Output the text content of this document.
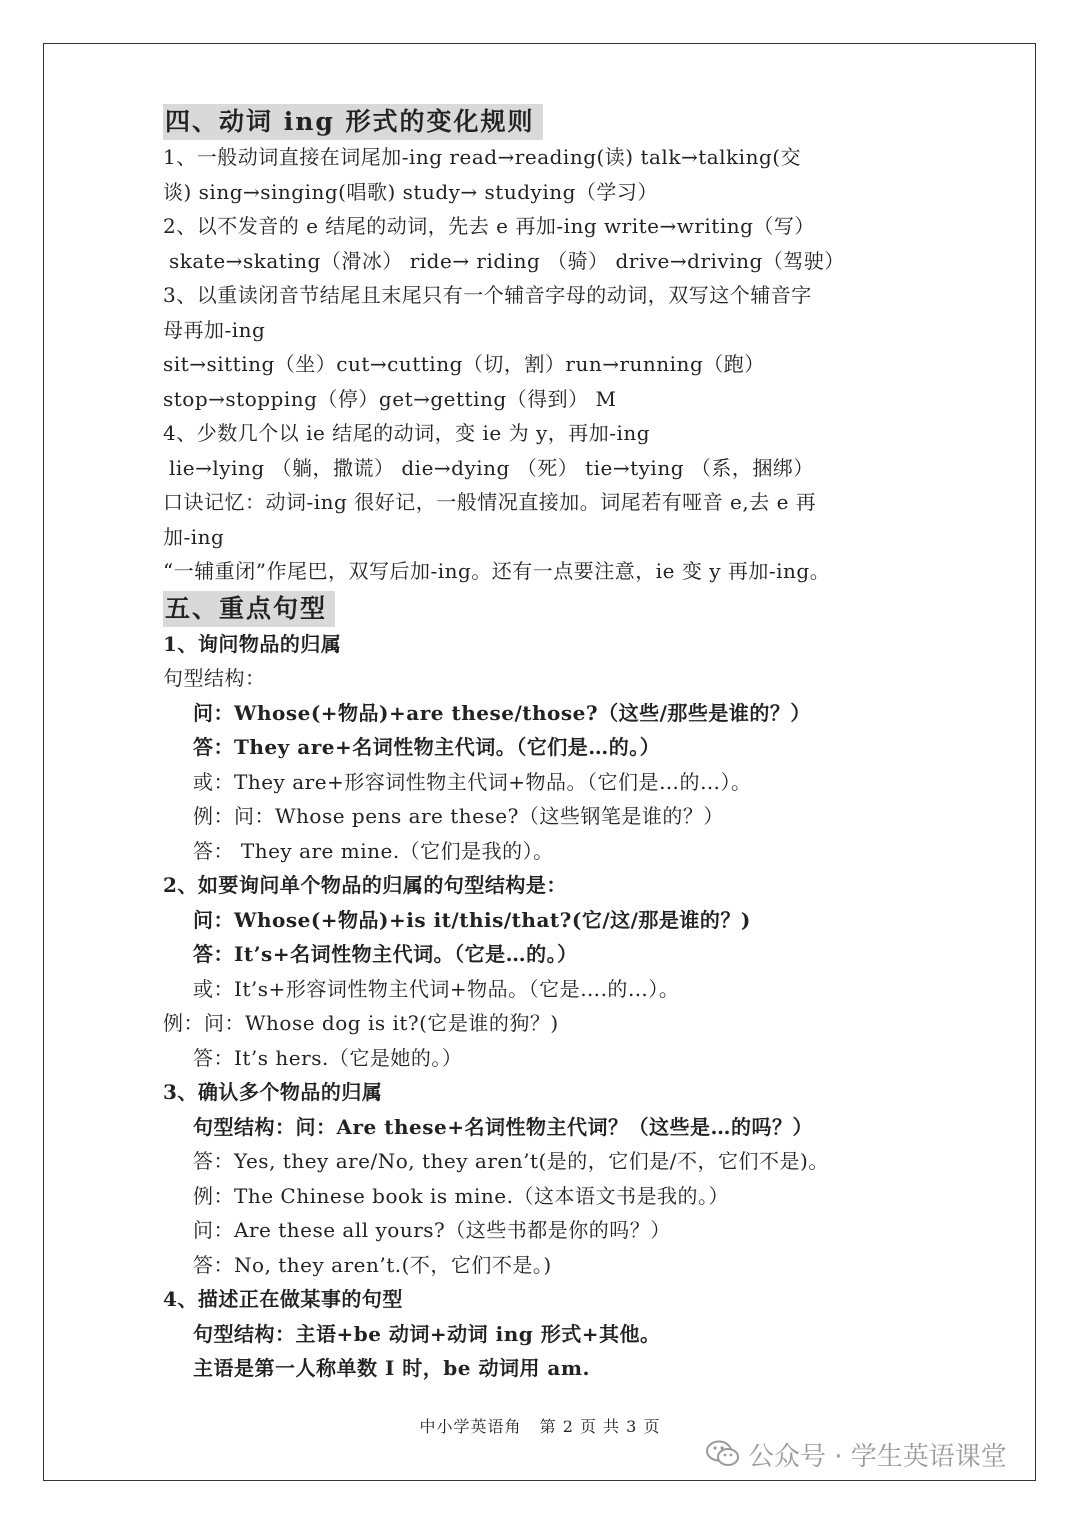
四、动词 ing 形式的变化规则
1、一般动词直接在词尾加-ing read→reading(读) talk→talking(交
谈) sing→singing(唱歌) study→ studying（学习）
2、以不发音的 e 结尾的动词，先去 e 再加-ing write→writing（写）
skate→skating（滑冰） ride→ riding （骑） drive→driving（驾驶）
3、以重读闭音节结尾且末尾只有一个辅音字母的动词，双写这个辅音字
母再加-ing
sit→sitting（坐）cut→cutting（切，割）run→running（跑）
stop→stopping（停）get→getting（得到） M
4、少数几个以 ie 结尾的动词，变 ie 为 y，再加-ing
lie→lying （躺，撒谎） die→dying （死） tie→tying （系，捆绑）
口诀记忆：动词-ing 很好记，一般情况直接加。词尾若有哑音 e,去 e 再
加-ing
“一辅重闭”作尾巴，双写后加-ing。还有一点要注意，ie 变 y 再加-ing。
五、重点句型
1、询问物品的归属
句型结构：
问：Whose(+物品)+are these/those?（这些/那些是谁的？）
答：They are+名词性物主代词。（它们是…的。）
或：They are+形容词性物主代词+物品。（它们是…的…）。
例：问：Whose pens are these?（这些钢笔是谁的？）
答： They are mine.（它们是我的）。
2、如要询问单个物品的归属的句型结构是：
问：Whose(+物品)+is it/this/that?(它/这/那是谁的？)
答：It’s+名词性物主代词。（它是…的。）
或：It’s+形容词性物主代词+物品。（它是….的…）。
例：问：Whose dog is it?(它是谁的狗？)
答：It’s hers.（它是她的。）
3、确认多个物品的归属
句型结构：问：Are these+名词性物主代词？（这些是…的吗？）
答：Yes, they are/No, they aren’t(是的，它们是/不，它们不是)。
例：The Chinese book is mine.（这本语文书是我的。）
问：Are these all yours?（这些书都是你的吗？）
答：No, they aren’t.(不，它们不是。)
4、描述正在做某事的句型
句型结构：主语+be 动词+动词 ing 形式+其他。
主语是第一人称单数 I 时，be 动词用 am.
中小学英语角 第 2 页 共 3 页
公众号 · 学生英语课堂
